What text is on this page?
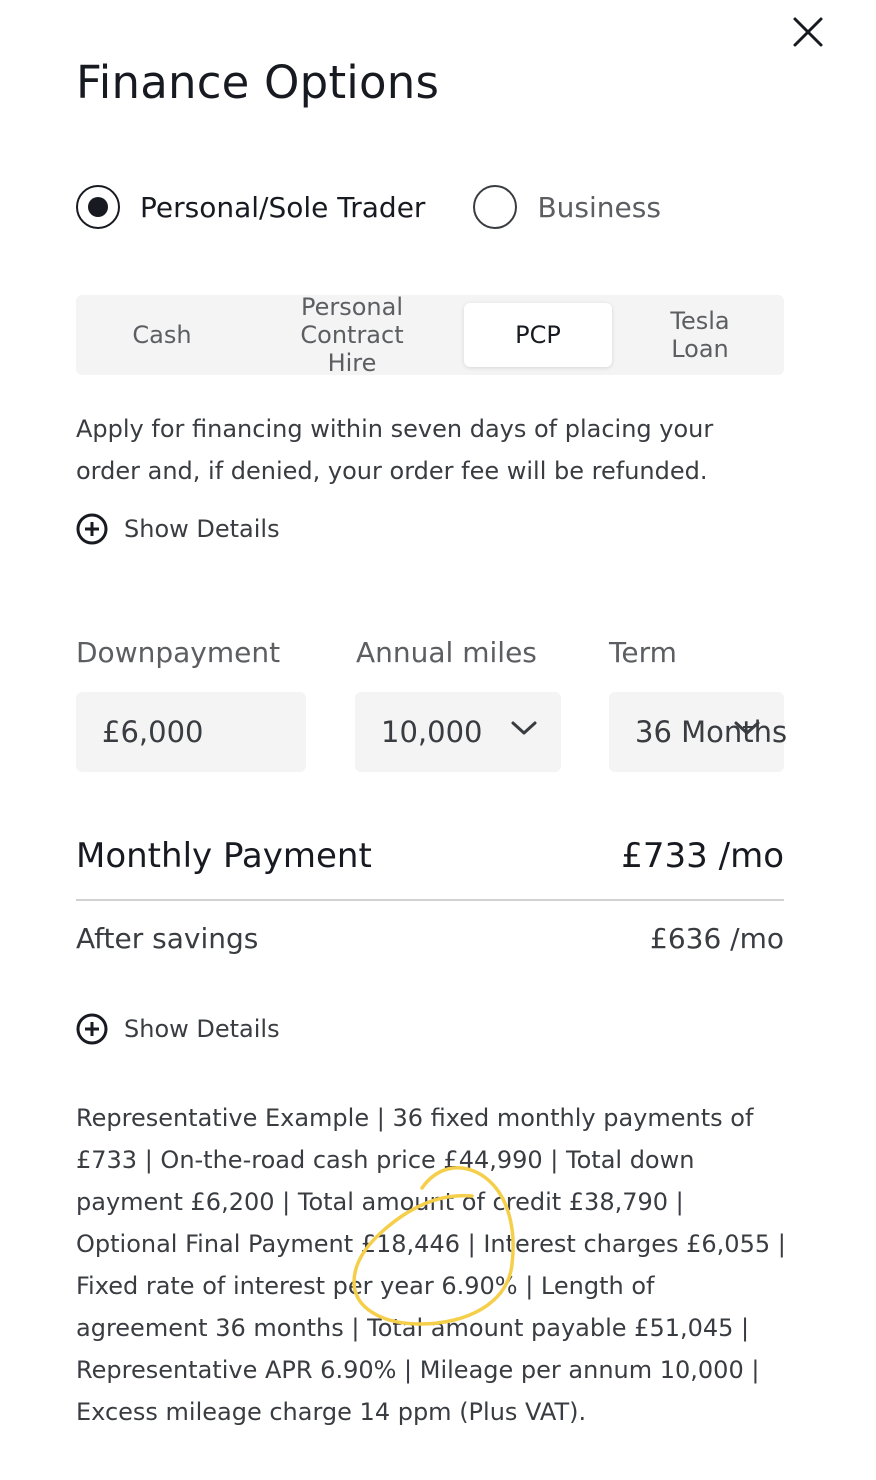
Finance Options
Personal/Sole Trader	Business
Cash
Personal
Contract
Hire
PCP	Tesla
Loan

Apply for financing within seven days of placing your order and, if denied, your order fee will be refunded.

Show Details
Downpayment	Annual miles	Term
£6,000	10,000	36 Months
Monthly Payment	£733 /mo
After savings	£636 /mo
Show Details

Representative Example | 36 fixed monthly payments of £733 | On-the-road cash price £44,990 | Total down payment £6,200 | Total amount of credit £38,790 | Optional Final Payment £18,446 | Interest charges £6,055 | Fixed rate of interest per year 6.90% | Length of agreement 36 months | Total amount payable £51,045 | Representative APR 6.90% | Mileage per annum 10,000 | Excess mileage charge 14 ppm (Plus VAT).
